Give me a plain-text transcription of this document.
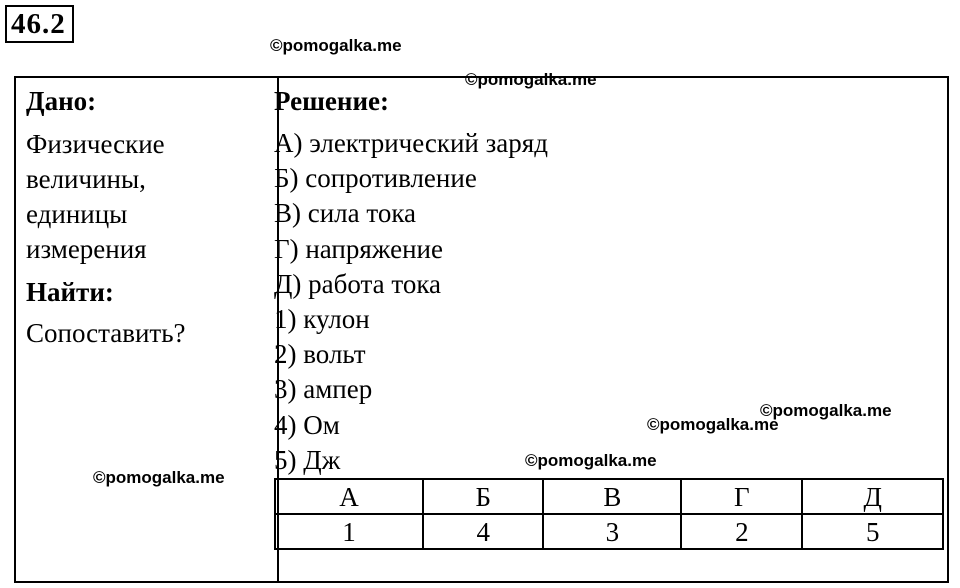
46.2
©pomogalka.me
©pomogalka.me
©pomogalka.me
©pomogalka.me
©pomogalka.me
©pomogalka.me
Дано:
Физические
величины,
единицы
измерения
Найти:
Сопоставить?
Решение:
А) электрический заряд
Б) сопротивление
В) сила тока
Г) напряжение
Д) работа тока
1) кулон
2) вольт
3) ампер
4) Ом
5) Дж
А	Б	В	Г	Д
1	4	3	2	5
